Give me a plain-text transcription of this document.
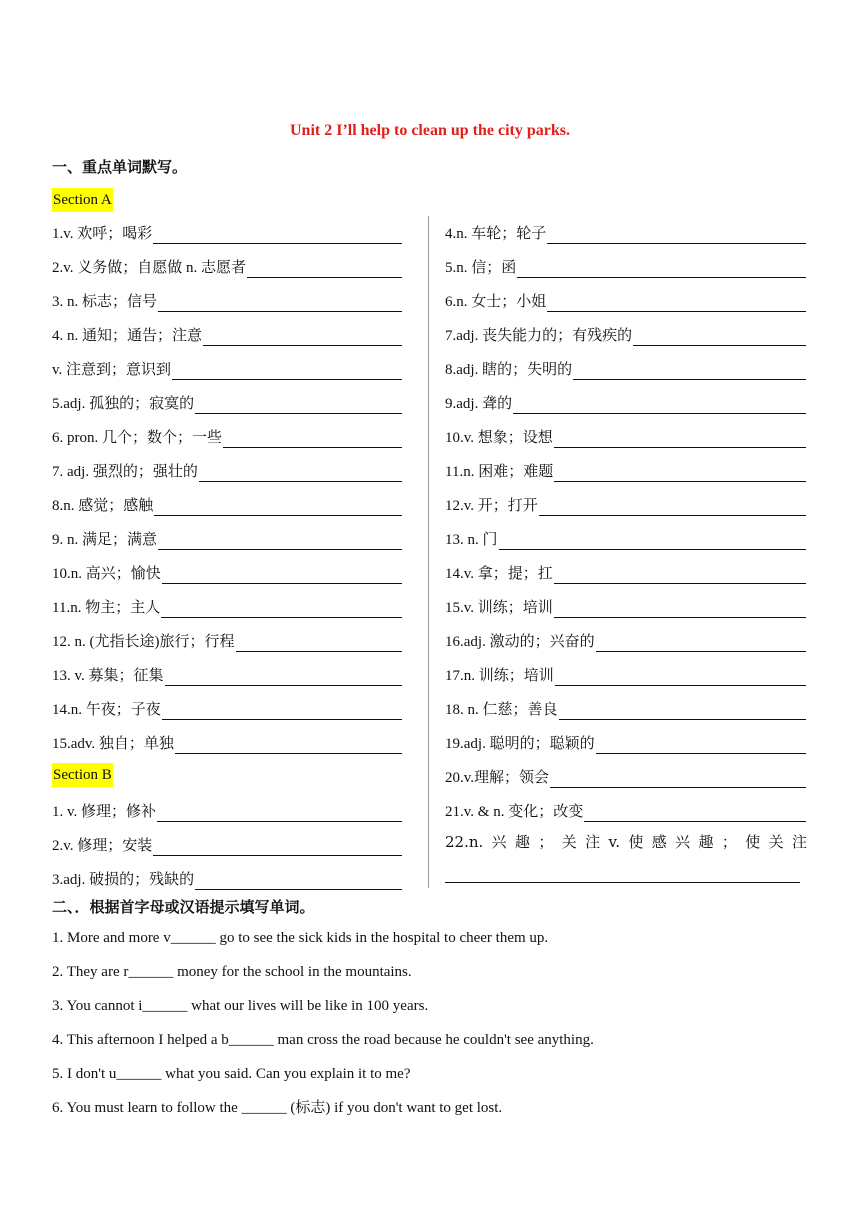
Unit 2 I’ll help to clean up the city parks.
一、重点单词默写。
Section A
1.v. 欢呼；喝彩
2.v. 义务做；自愿做 n. 志愿者
3. n. 标志；信号
4. n. 通知；通告；注意
v. 注意到；意识到
5.adj. 孤独的；寂寞的
6. pron. 几个；数个；一些
7. adj. 强烈的；强壮的
8.n. 感觉；感触
9. n. 满足；满意
10.n. 高兴；愉快
11.n. 物主；主人
12. n. (尤指长途)旅行；行程
13. v. 募集；征集
14.n. 午夜；子夜
15.adv. 独自；单独
1. v. 修理；修补
2.v. 修理；安装
3.adj. 破损的；残缺的
4.n. 车轮；轮子
5.n. 信；函
6.n. 女士；小姐
7.adj. 丧失能力的；有残疾的
8.adj. 瞎的；失明的
9.adj. 聋的
10.v. 想象；设想
11.n. 困难；难题
12.v. 开；打开
13. n. 门
14.v. 拿；提；扛
15.v. 训练；培训
16.adj. 激动的；兴奋的
17.n. 训练；培训
18. n. 仁慈；善良
19.adj. 聪明的；聪颖的
20.v.理解；领会
21.v. & n. 变化；改变
Section B
22.n. 兴 趣 ； 关 注 v. 使 感 兴 趣 ； 使 关 注
二、．根据首字母或汉语提示填写单词。
1. More and more v______ go to see the sick kids in the hospital to cheer them up.
2. They are r______ money for the school in the mountains.
3. You cannot i______ what our lives will be like in 100 years.
4. This afternoon I helped a b______ man cross the road because he couldn't see anything.
5. I don't u______ what you said. Can you explain it to me?
6. You must learn to follow the ______ (标志) if you don't want to get lost.
